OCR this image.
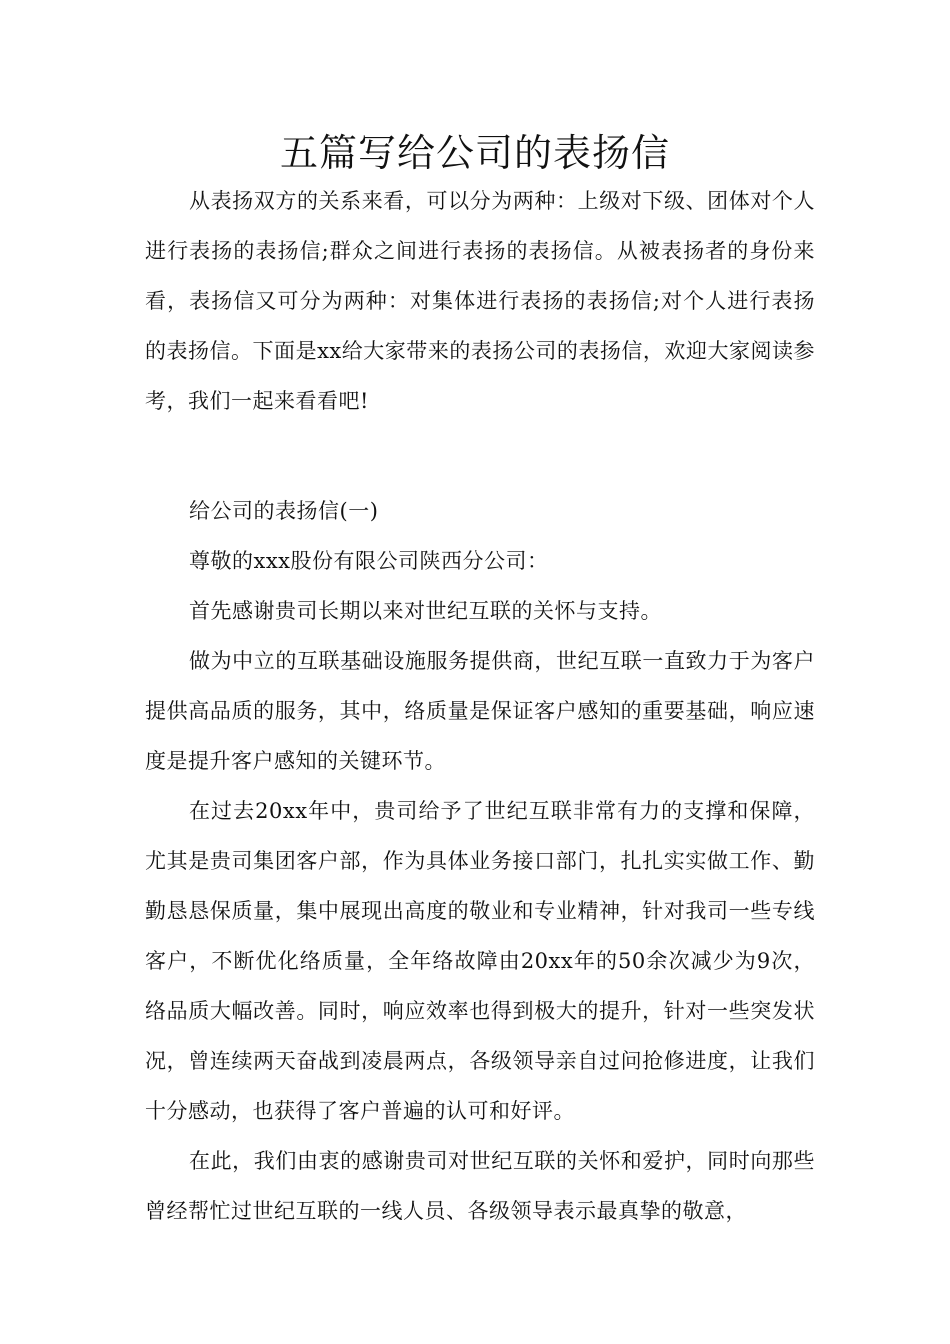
五篇写给公司的表扬信

从表扬双方的关系来看，可以分为两种：上级对下级、团体对个人进行表扬的表扬信;群众之间进行表扬的表扬信。从被表扬者的身份来看，表扬信又可分为两种：对集体进行表扬的表扬信;对个人进行表扬的表扬信。下面是xx给大家带来的表扬公司的表扬信，欢迎大家阅读参考，我们一起来看看吧!

给公司的表扬信(一)

尊敬的xxx股份有限公司陕西分公司：

首先感谢贵司长期以来对世纪互联的关怀与支持。

做为中立的互联基础设施服务提供商，世纪互联一直致力于为客户提供高品质的服务，其中，络质量是保证客户感知的重要基础，响应速度是提升客户感知的关键环节。

在过去20xx年中，贵司给予了世纪互联非常有力的支撑和保障，尤其是贵司集团客户部，作为具体业务接口部门，扎扎实实做工作、勤勤恳恳保质量，集中展现出高度的敬业和专业精神，针对我司一些专线客户，不断优化络质量，全年络故障由20xx年的50余次减少为9次，络品质大幅改善。同时，响应效率也得到极大的提升，针对一些突发状况，曾连续两天奋战到凌晨两点，各级领导亲自过问抢修进度，让我们十分感动，也获得了客户普遍的认可和好评。

在此，我们由衷的感谢贵司对世纪互联的关怀和爱护，同时向那些曾经帮忙过世纪互联的一线人员、各级领导表示最真挚的敬意，
